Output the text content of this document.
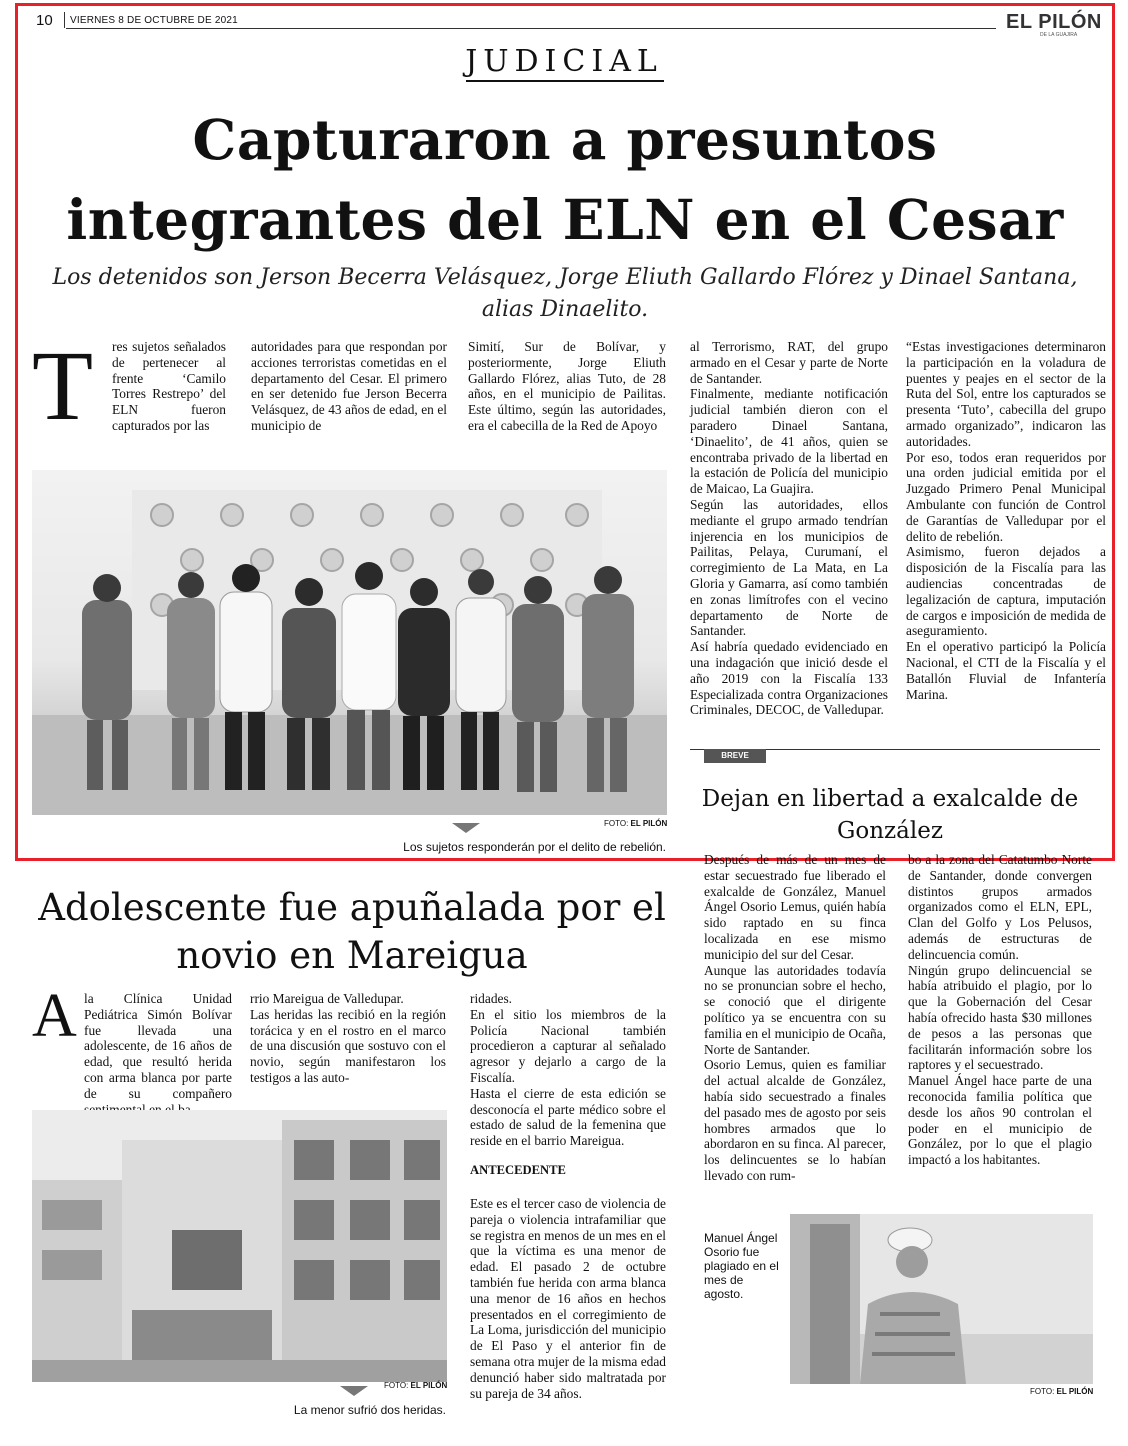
10 VIERNES 8 DE OCTUBRE DE 2021	EL PILÓN
DE LA GUAJIRA
JUDICIAL
Capturaron a presuntos integrantes del ELN en el Cesar
Los detenidos son Jerson Becerra Velásquez, Jorge Eliuth Gallardo Flórez y Dinael Santana, alias Dinaelito.
T res sujetos señalados de pertenecer al frente ‘Camilo Torres Restrepo’ del ELN fueron capturados por las

autoridades para que respondan por acciones terroristas cometidas en el departamento del Cesar. El primero en ser detenido fue Jerson Becerra Velásquez, de 43 años de edad, en el municipio de

Simití, Sur de Bolívar, y posteriormente, Jorge Eliuth Gallardo Flórez, alias Tuto, de 28 años, en el municipio de Pailitas. Este último, según las autoridades, era el cabecilla de la Red de Apoyo

al Terrorismo, RAT, del grupo armado en el Cesar y parte de Norte de Santander.

Finalmente, mediante notificación judicial también dieron con el paradero Dinael Santana, ‘Dinaelito’, de 41 años, quien se encontraba privado de la libertad en la estación de Policía del municipio de Maicao, La Guajira.

Según las autoridades, ellos mediante el grupo armado tendrían injerencia en los municipios de Pailitas, Pelaya, Curumaní, el corregimiento de La Mata, en La Gloria y Gamarra, así como también en zonas limítrofes con el vecino departamento de Norte de Santander.

Así habría quedado evidenciado en una indagación que inició desde el año 2019 con la Fiscalía 133 Especializada contra Organizaciones Criminales, DECOC, de Valledupar.

“Estas investigaciones determinaron la participación en la voladura de puentes y peajes en el sector de la Ruta del Sol, entre los capturados se presenta ‘Tuto’, cabecilla del grupo armado organizado”, indicaron las autoridades.

Por eso, todos eran requeridos por una orden judicial emitida por el Juzgado Primero Penal Municipal Ambulante con función de Control de Garantías de Valledupar por el delito de rebelión.

Asimismo, fueron dejados a disposición de la Fiscalía para las audiencias concentradas de legalización de captura, imputación de cargos e imposición de medida de aseguramiento.

En el operativo participó la Policía Nacional, el CTI de la Fiscalía y el Batallón Fluvial de Infantería Marina.

FOTO: EL PILÓN
Los sujetos responderán por el delito de rebelión.
BREVE
Dejan en libertad a exalcalde de González

Después de más de un mes de estar secuestrado fue liberado el exalcalde de González, Manuel Ángel Osorio Lemus, quién había sido raptado en su finca localizada en ese mismo municipio del sur del Cesar.

Aunque las autoridades todavía no se pronuncian sobre el hecho, se conoció que el dirigente político ya se encuentra con su familia en el municipio de Ocaña, Norte de Santander.

Osorio Lemus, quien es familiar del actual alcalde de González, había sido secuestrado a finales del pasado mes de agosto por seis hombres armados que lo abordaron en su finca. Al parecer, los delincuentes se lo habían llevado con rum-

bo a la zona del Catatumbo Norte de Santander, donde convergen distintos grupos armados organizados como el ELN, EPL, Clan del Golfo y Los Pelusos, además de estructuras de delincuencia común.

Ningún grupo delincuencial se había atribuido el plagio, por lo que la Gobernación del Cesar había ofrecido hasta $30 millones de pesos a las personas que facilitarán información sobre los raptores y el secuestrado.

Manuel Ángel hace parte de una reconocida familia política que desde los años 90 controlan el poder en el municipio de González, por lo que el plagio impactó a los habitantes.

Manuel Ángel Osorio fue plagiado en el mes de agosto.
FOTO: EL PILÓN
Adolescente fue apuñalada por el novio en Mareigua
A la Clínica Unidad Pediátrica Simón Bolívar fue llevada una adolescente, de 16 años de edad, que resultó herida con arma blanca por parte de su compañero

rrio Mareigua de Valledupar.

Las heridas las recibió en la región torácica y en el rostro en el marco de una discusión que sostuvo con el novio, según manifestaron los testigos a las auto-

ridades.

En el sitio los miembros de la Policía Nacional también procedieron a capturar al señalado agresor y dejarlo a cargo de la Fiscalía.

Hasta el cierre de esta edición se desconocía el parte médico sobre el estado de salud de la femenina que reside en el barrio Mareigua.

ANTECEDENTE

Este es el tercer caso de violencia de pareja o violencia intrafamiliar que se registra en menos de un mes en el que la víctima es una menor de edad. El pasado 2 de octubre también fue herida con arma blanca una menor de 16 años en hechos presentados en el corregimiento de La Loma, jurisdicción del municipio de El Paso y el anterior fin de semana otra mujer de la misma edad denunció haber sido maltratada por su pareja de 34 años.

FOTO: EL PILÓN
La menor sufrió dos heridas.
